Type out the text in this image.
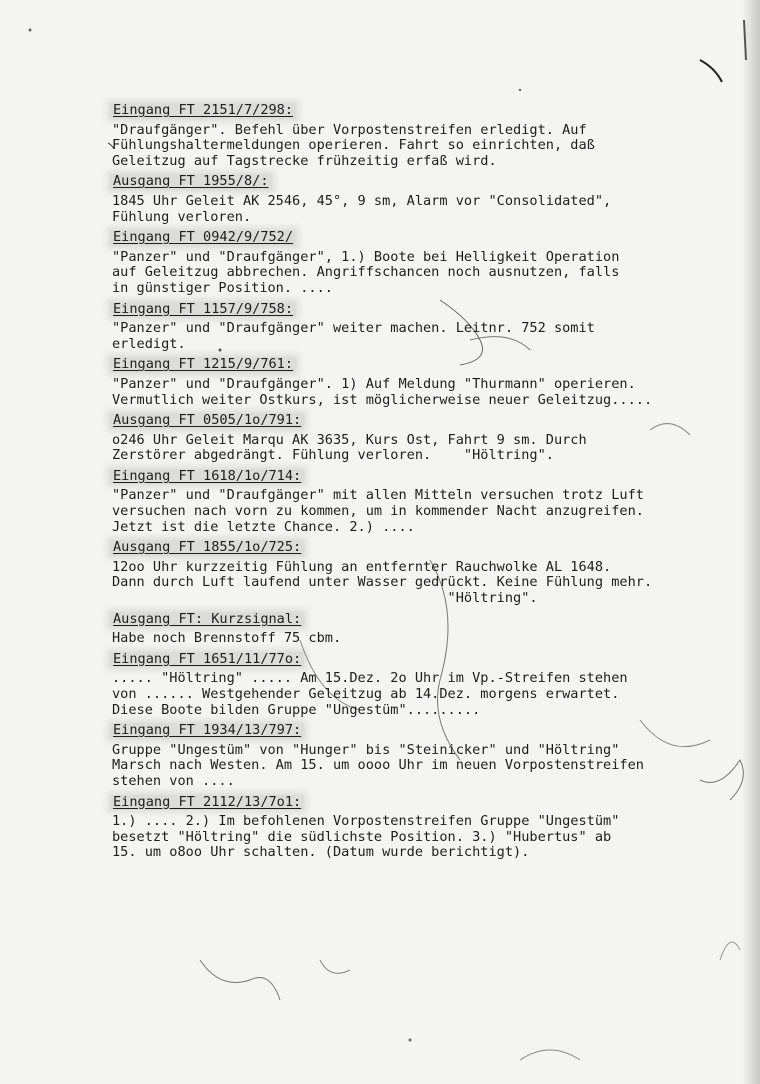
Eingang FT 2151/7/298:
"Draufgänger". Befehl über Vorpostenstreifen erledigt. Auf
Fühlungshaltermeldungen operieren. Fahrt so einrichten, daß
Geleitzug auf Tagstrecke frühzeitig erfaß wird.
Ausgang FT 1955/8/:
1845 Uhr Geleit AK 2546, 45°, 9 sm, Alarm vor "Consolidated",
Fühlung verloren.
Eingang FT 0942/9/752/
"Panzer" und "Draufgänger", 1.) Boote bei Helligkeit Operation
auf Geleitzug abbrechen. Angriffschancen noch ausnutzen, falls
in günstiger Position. ....
Eingang FT 1157/9/758:
"Panzer" und "Draufgänger" weiter machen. Leitnr. 752 somit
erledigt.
Eingang FT 1215/9/761:
"Panzer" und "Draufgänger". 1) Auf Meldung "Thurmann" operieren.
Vermutlich weiter Ostkurs, ist möglicherweise neuer Geleitzug.....
Ausgang FT 0505/1o/791:
o246 Uhr Geleit Marqu AK 3635, Kurs Ost, Fahrt 9 sm. Durch
Zerstörer abgedrängt. Fühlung verloren.    "Höltring".
Eingang FT 1618/1o/714:
"Panzer" und "Draufgänger" mit allen Mitteln versuchen trotz Luft
versuchen nach vorn zu kommen, um in kommender Nacht anzugreifen.
Jetzt ist die letzte Chance. 2.) ....
Ausgang FT 1855/1o/725:
12oo Uhr kurzzeitig Fühlung an entfernter Rauchwolke AL 1648.
Dann durch Luft laufend unter Wasser gedrückt. Keine Fühlung mehr.
"Höltring".
Ausgang FT: Kurzsignal:
Habe noch Brennstoff 75 cbm.
Eingang FT 1651/11/77o:
..... "Höltring" ..... Am 15.Dez. 2o Uhr im Vp.-Streifen stehen
von ...... Westgehender Geleitzug ab 14.Dez. morgens erwartet.
Diese Boote bilden Gruppe "Ungestüm".........
Eingang FT 1934/13/797:
Gruppe "Ungestüm" von "Hunger" bis "Steinicker" und "Höltring"
Marsch nach Westen. Am 15. um oooo Uhr im neuen Vorpostenstreifen
stehen von ....
Eingang FT 2112/13/7o1:
1.) .... 2.) Im befohlenen Vorpostenstreifen Gruppe "Ungestüm"
besetzt "Höltring" die südlichste Position. 3.) "Hubertus" ab
15. um o8oo Uhr schalten. (Datum wurde berichtigt).
